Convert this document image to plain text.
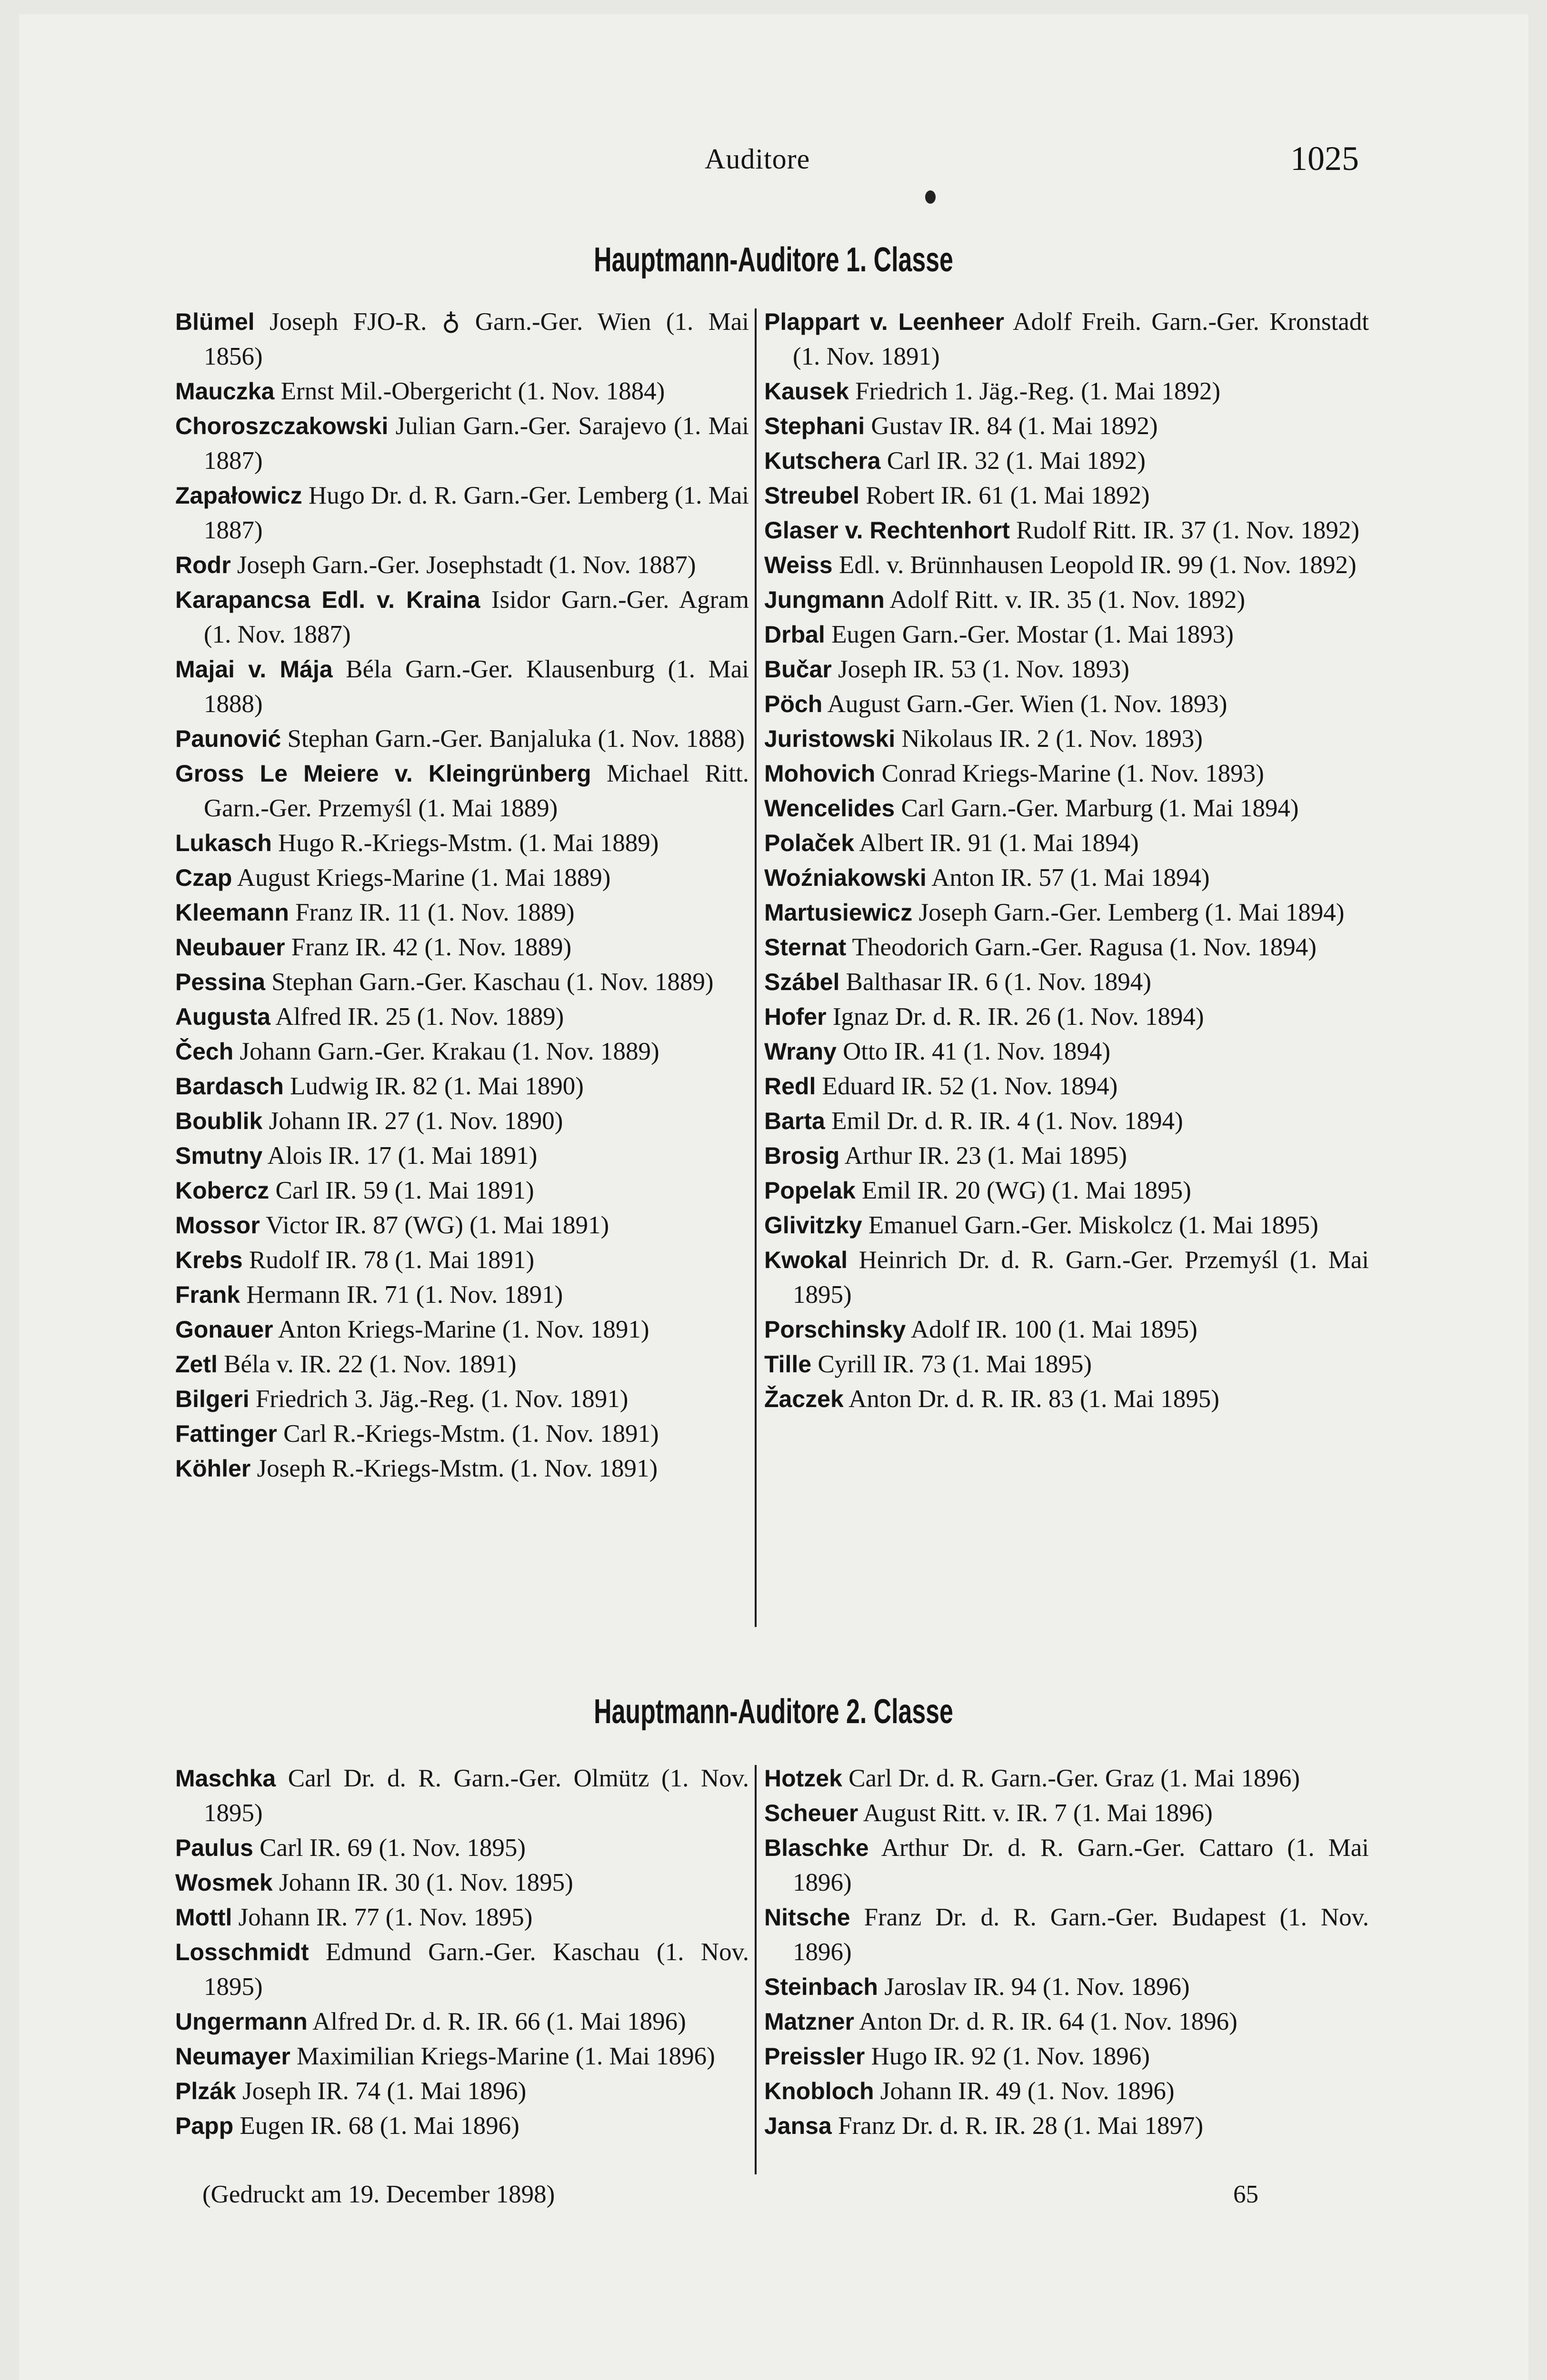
Auditore	1025
Hauptmann-Auditore 1. Classe
Blümel Joseph FJO-R. ♁ Garn.-Ger. Wien (1. Mai 1856)
Mauczka Ernst Mil.-Obergericht (1. Nov. 1884)
Choroszczakowski Julian Garn.-Ger. Sarajevo (1. Mai 1887)
Zapałowicz Hugo Dr. d. R. Garn.-Ger. Lemberg (1. Mai 1887)
Rodr Joseph Garn.-Ger. Josephstadt (1. Nov. 1887)
Karapancsa Edl. v. Kraina Isidor Garn.-Ger. Agram (1. Nov. 1887)
Majai v. Mája Béla Garn.-Ger. Klausenburg (1. Mai 1888)
Paunović Stephan Garn.-Ger. Banjaluka (1. Nov. 1888)
Gross Le Meiere v. Kleingrünberg Michael Ritt. Garn.-Ger. Przemyśl (1. Mai 1889)
Lukasch Hugo R.-Kriegs-Mstm. (1. Mai 1889)
Czap August Kriegs-Marine (1. Mai 1889)
Kleemann Franz IR. 11 (1. Nov. 1889)
Neubauer Franz IR. 42 (1. Nov. 1889)
Pessina Stephan Garn.-Ger. Kaschau (1. Nov. 1889)
Augusta Alfred IR. 25 (1. Nov. 1889)
Čech Johann Garn.-Ger. Krakau (1. Nov. 1889)
Bardasch Ludwig IR. 82 (1. Mai 1890)
Boublik Johann IR. 27 (1. Nov. 1890)
Smutny Alois IR. 17 (1. Mai 1891)
Kobercz Carl IR. 59 (1. Mai 1891)
Mossor Victor IR. 87 (WG) (1. Mai 1891)
Krebs Rudolf IR. 78 (1. Mai 1891)
Frank Hermann IR. 71 (1. Nov. 1891)
Gonauer Anton Kriegs-Marine (1. Nov. 1891)
Zetl Béla v. IR. 22 (1. Nov. 1891)
Bilgeri Friedrich 3. Jäg.-Reg. (1. Nov. 1891)
Fattinger Carl R.-Kriegs-Mstm. (1. Nov. 1891)
Köhler Joseph R.-Kriegs-Mstm. (1. Nov. 1891)
Plappart v. Leenheer Adolf Freih. Garn.-Ger. Kronstadt (1. Nov. 1891)
Kausek Friedrich 1. Jäg.-Reg. (1. Mai 1892)
Stephani Gustav IR. 84 (1. Mai 1892)
Kutschera Carl IR. 32 (1. Mai 1892)
Streubel Robert IR. 61 (1. Mai 1892)
Glaser v. Rechtenhort Rudolf Ritt. IR. 37 (1. Nov. 1892)
Weiss Edl. v. Brünnhausen Leopold IR. 99 (1. Nov. 1892)
Jungmann Adolf Ritt. v. IR. 35 (1. Nov. 1892)
Drbal Eugen Garn.-Ger. Mostar (1. Mai 1893)
Bučar Joseph IR. 53 (1. Nov. 1893)
Pöch August Garn.-Ger. Wien (1. Nov. 1893)
Juristowski Nikolaus IR. 2 (1. Nov. 1893)
Mohovich Conrad Kriegs-Marine (1. Nov. 1893)
Wencelides Carl Garn.-Ger. Marburg (1. Mai 1894)
Polaček Albert IR. 91 (1. Mai 1894)
Woźniakowski Anton IR. 57 (1. Mai 1894)
Martusiewicz Joseph Garn.-Ger. Lemberg (1. Mai 1894)
Sternat Theodorich Garn.-Ger. Ragusa (1. Nov. 1894)
Szábel Balthasar IR. 6 (1. Nov. 1894)
Hofer Ignaz Dr. d. R. IR. 26 (1. Nov. 1894)
Wrany Otto IR. 41 (1. Nov. 1894)
Redl Eduard IR. 52 (1. Nov. 1894)
Barta Emil Dr. d. R. IR. 4 (1. Nov. 1894)
Brosig Arthur IR. 23 (1. Mai 1895)
Popelak Emil IR. 20 (WG) (1. Mai 1895)
Glivitzky Emanuel Garn.-Ger. Miskolcz (1. Mai 1895)
Kwokal Heinrich Dr. d. R. Garn.-Ger. Przemyśl (1. Mai 1895)
Porschinsky Adolf IR. 100 (1. Mai 1895)
Tille Cyrill IR. 73 (1. Mai 1895)
Žaczek Anton Dr. d. R. IR. 83 (1. Mai 1895)
Hauptmann-Auditore 2. Classe
Maschka Carl Dr. d. R. Garn.-Ger. Olmütz (1. Nov. 1895)
Paulus Carl IR. 69 (1. Nov. 1895)
Wosmek Johann IR. 30 (1. Nov. 1895)
Mottl Johann IR. 77 (1. Nov. 1895)
Losschmidt Edmund Garn.-Ger. Kaschau (1. Nov. 1895)
Ungermann Alfred Dr. d. R. IR. 66 (1. Mai 1896)
Neumayer Maximilian Kriegs-Marine (1. Mai 1896)
Plzák Joseph IR. 74 (1. Mai 1896)
Papp Eugen IR. 68 (1. Mai 1896)
Hotzek Carl Dr. d. R. Garn.-Ger. Graz (1. Mai 1896)
Scheuer August Ritt. v. IR. 7 (1. Mai 1896)
Blaschke Arthur Dr. d. R. Garn.-Ger. Cattaro (1. Mai 1896)
Nitsche Franz Dr. d. R. Garn.-Ger. Budapest (1. Nov. 1896)
Steinbach Jaroslav IR. 94 (1. Nov. 1896)
Matzner Anton Dr. d. R. IR. 64 (1. Nov. 1896)
Preissler Hugo IR. 92 (1. Nov. 1896)
Knobloch Johann IR. 49 (1. Nov. 1896)
Jansa Franz Dr. d. R. IR. 28 (1. Mai 1897)
(Gedruckt am 19. December 1898)	65
